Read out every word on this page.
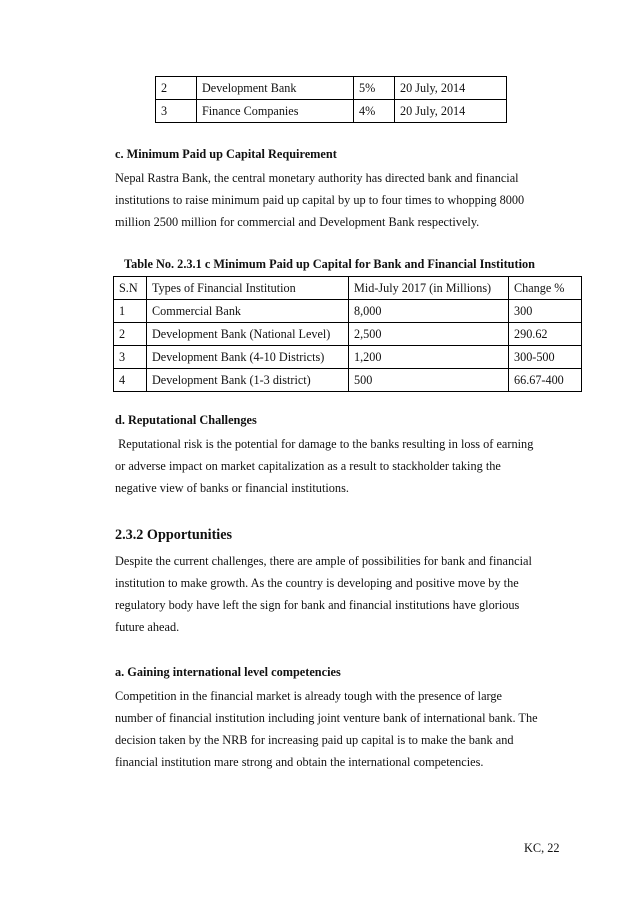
2	Development Bank	5%	20 July, 2014
3	Finance Companies	4%	20 July, 2014
c. Minimum Paid up Capital Requirement
Nepal Rastra Bank, the central monetary authority has directed bank and financial
institutions to raise minimum paid up capital by up to four times to whopping 8000
million 2500 million for commercial and Development Bank respectively.
Table No. 2.3.1 c Minimum Paid up Capital for Bank and Financial Institution
S.N	Types of Financial Institution	Mid-July 2017 (in Millions)	Change %
1	Commercial Bank	8,000	300
2	Development Bank (National Level)	2,500	290.62
3	Development Bank (4-10 Districts)	1,200	300-500
4	Development Bank (1-3 district)	500	66.67-400
d. Reputational Challenges
Reputational risk is the potential for damage to the banks resulting in loss of earning
or adverse impact on market capitalization as a result to stackholder taking the
negative view of banks or financial institutions.
2.3.2 Opportunities
Despite the current challenges, there are ample of possibilities for bank and financial
institution to make growth. As the country is developing and positive move by the
regulatory body have left the sign for bank and financial institutions have glorious
future ahead.
a. Gaining international level competencies
Competition in the financial market is already tough with the presence of large
number of financial institution including joint venture bank of international bank. The
decision taken by the NRB for increasing paid up capital is to make the bank and
financial institution mare strong and obtain the international competencies.
KC, 22
